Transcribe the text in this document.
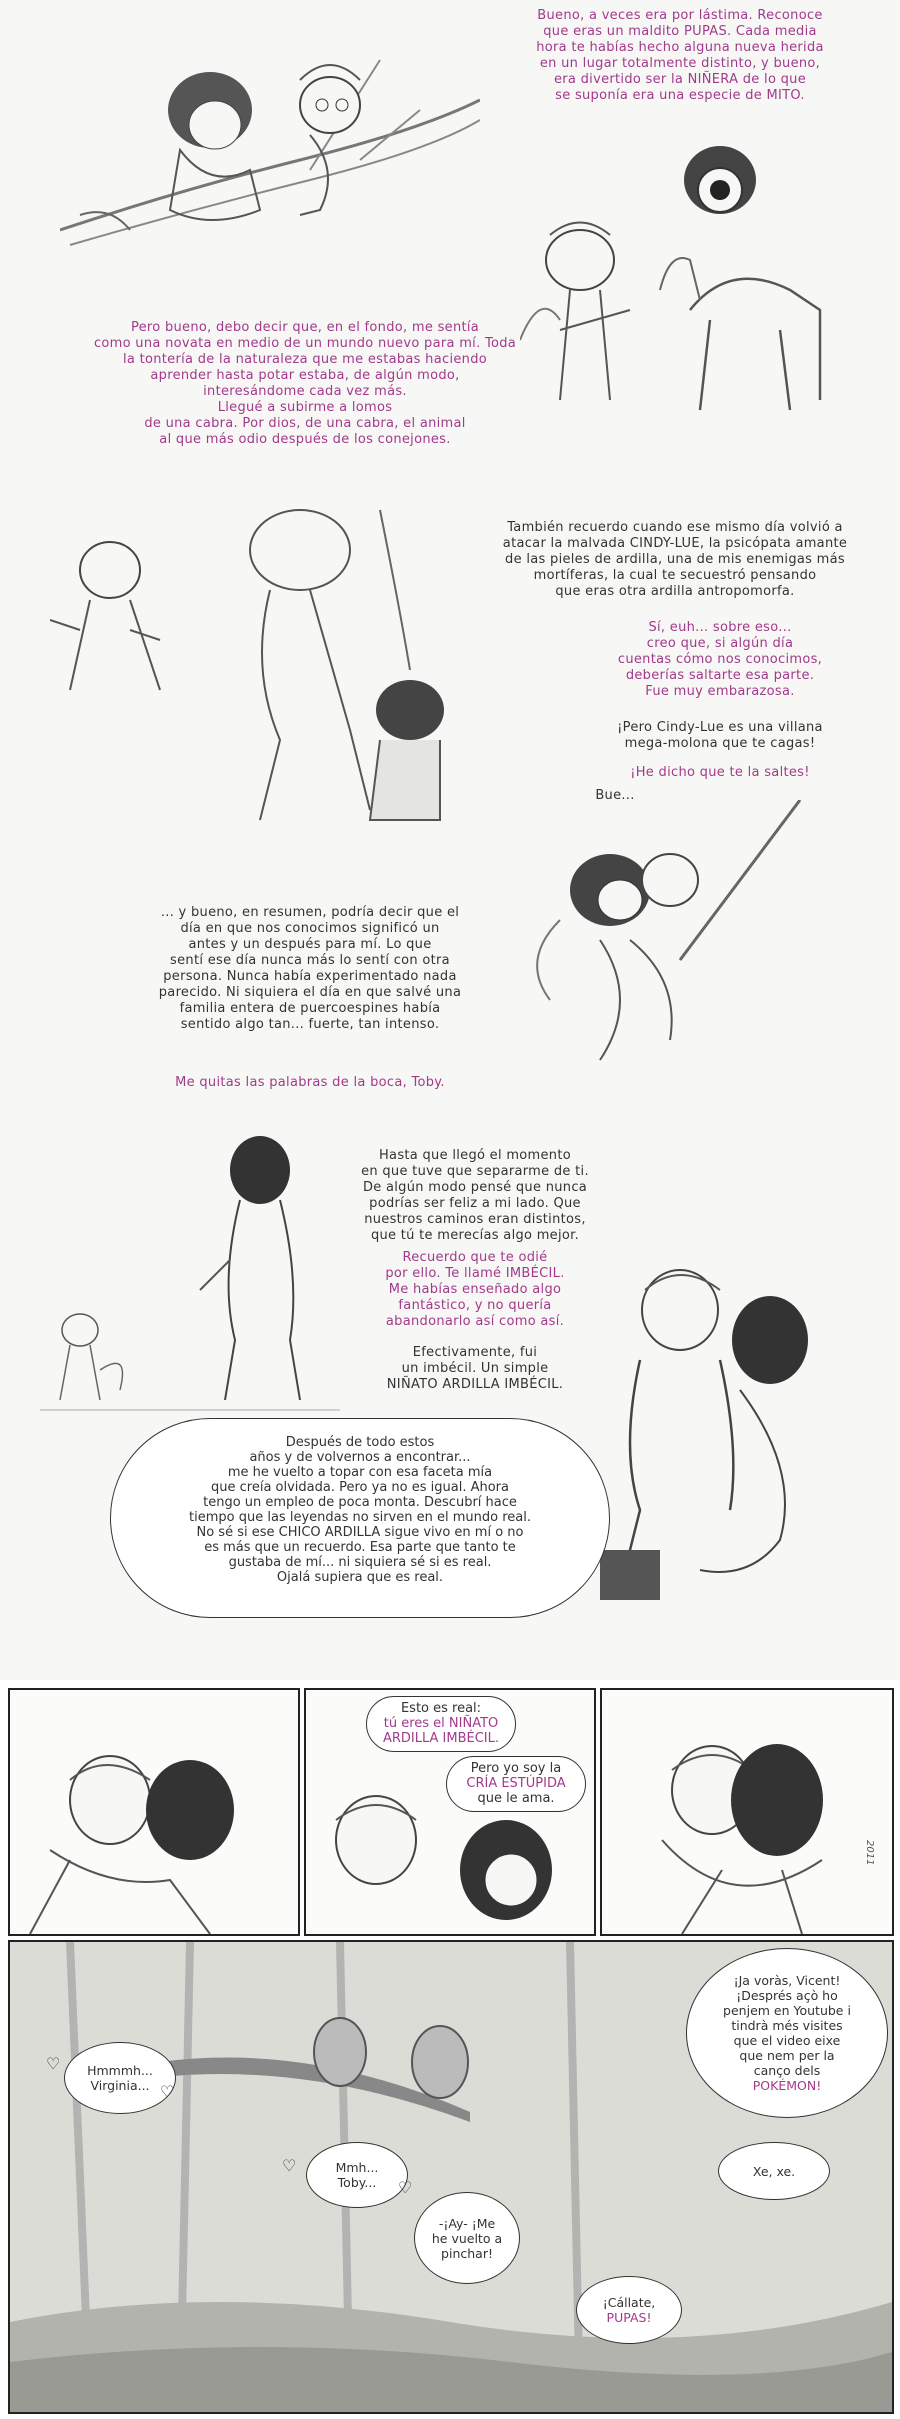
Bueno, a veces era por lástima. Reconoce

que eras un maldito PUPAS. Cada media

hora te habías hecho alguna nueva herida

en un lugar totalmente distinto, y bueno,

era divertido ser la NIÑERA de lo que

se suponía era una especie de MITO.

Pero bueno, debo decir que, en el fondo, me sentía

como una novata en medio de un mundo nuevo para mí. Toda

la tontería de la naturaleza que me estabas haciendo

aprender hasta potar estaba, de algún modo,

interesándome cada vez más.

Llegué a subirme a lomos

de una cabra. Por dios, de una cabra, el animal

al que más odio después de los conejones.

También recuerdo cuando ese mismo día volvió a

atacar la malvada CINDY-LUE, la psicópata amante

de las pieles de ardilla, una de mis enemigas más

mortíferas, la cual te secuestró pensando

que eras otra ardilla antropomorfa.

Sí, euh... sobre eso...

creo que, si algún día

cuentas cómo nos conocimos,

deberías saltarte esa parte.

Fue muy embarazosa.

¡Pero Cindy-Lue es una villana

mega-molona que te cagas!

¡He dicho que te la saltes!

Bue...

... y bueno, en resumen, podría decir que el

día en que nos conocimos significó un

antes y un después para mí. Lo que

sentí ese día nunca más lo sentí con otra

persona. Nunca había experimentado nada

parecido. Ni siquiera el día en que salvé una

familia entera de puercoespines había

sentido algo tan... fuerte, tan intenso.

Me quitas las palabras de la boca, Toby.

Hasta que llegó el momento

en que tuve que separarme de ti.

De algún modo pensé que nunca

podrías ser feliz a mi lado. Que

nuestros caminos eran distintos,

que tú te merecías algo mejor.

Recuerdo que te odié

por ello. Te llamé IMBÉCIL.

Me habías enseñado algo

fantástico, y no quería

abandonarlo así como así.

Efectivamente, fui

un imbécil. Un simple

NIÑATO ARDILLA IMBÉCIL.

Después de todo estos
años y de volvernos a encontrar...
me he vuelto a topar con esa faceta mía
que creía olvidada. Pero ya no es igual. Ahora
tengo un empleo de poca monta. Descubrí hace
tiempo que las leyendas no sirven en el mundo real.
No sé si ese CHICO ARDILLA sigue vivo en mí o no
es más que un recuerdo. Esa parte que tanto te
gustaba de mí... ni siquiera sé si es real.
Ojalá supiera que es real.
Esto es real:
tú eres el NIÑATO
ARDILLA IMBÉCIL.
Pero yo soy la
CRÍA ESTÚPIDA
que le ama.
2011
Hmmmh...
Virginia...
♡
♡
Mmh...
Toby...
♡
♡
-¡Ay- ¡Me
he vuelto a
pinchar!
¡Cállate,
PUPAS!
¡Ja voràs, Vicent!
¡Després açò ho
penjem en Youtube i
tindrà més visites
que el video eixe
que nem per la
canço dels
POKÉMON!
Xe, xe.
